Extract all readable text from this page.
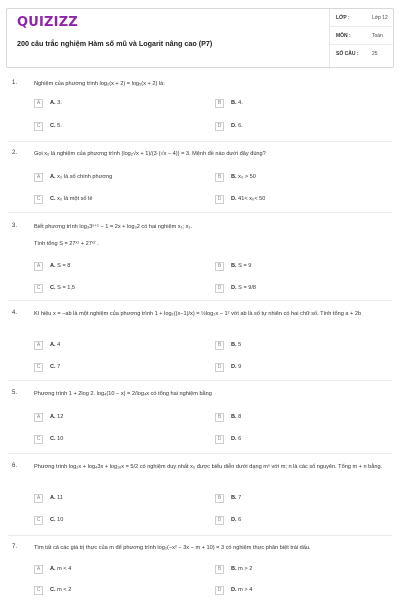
QUIZIZZ
200 câu trắc nghiệm Hàm số mũ và Logarit nâng cao (P7)
LỚP :	Lớp 12
MÔN :	Toán
SỐ CÂU :	25
1.	Nghiệm của phương trình log₂(x + 2) = log₅(x + 2) là:
A	A. 3.	B	B. 4.
C	C. 5.	D	D. 6.
2.	Gọi x₀ là nghiệm của phương trình (log₂√x + 1)/(3·(√x − 4)) = 3. Mệnh đề nào dưới đây đúng?
A	A. x₀ là số chính phương	B	B. x₀ > 50
C	C. x₀ là một số lẻ	D	D. 41< x₀< 50
3.	Biết phương trình log₃3ˣ⁺¹ − 1 = 2x + log₃2 có hai nghiệm x₁; x₂.
Tính tổng S = 27ˣ¹ + 27ˣ² .
A	A. S = 8	B	B. S = 9
C	C. S = 1,5	D	D. S = 9/8
4.	Kí hiệu x = −ab là một nghiệm của phương trình 1 + log₂((x−1)/x) = ½log₂x − 1² với ab là số tự nhiên có hai chữ số. Tính tổng a + 2b
A	A. 4	B	B. 5
C	C. 7	D	D. 9
5.	Phương trình 1 + 2log 2. log₄(10 − x) = 2/log₄x có tổng hai nghiệm bằng
A	A. 12	B	B. 8
C	C. 10	D	D. 6
6.	Phương trình log₂x + log₄3x + log₁₆x = 5/2 có nghiệm duy nhất x₀ được biểu diễn dưới dạng mⁿ với m; n là các số nguyên. Tổng m + n bằng.
A	A. 11	B	B. 7
C	C. 10	D	D. 6
7.	Tìm tất cả các giá trị thực của m để phương trình log₂(−x² − 3x − m + 10) = 3 có nghiệm thực phân biệt trái dấu.
A	A. m < 4	B	B. m > 2
C	C. m < 2	D	D. m > 4
